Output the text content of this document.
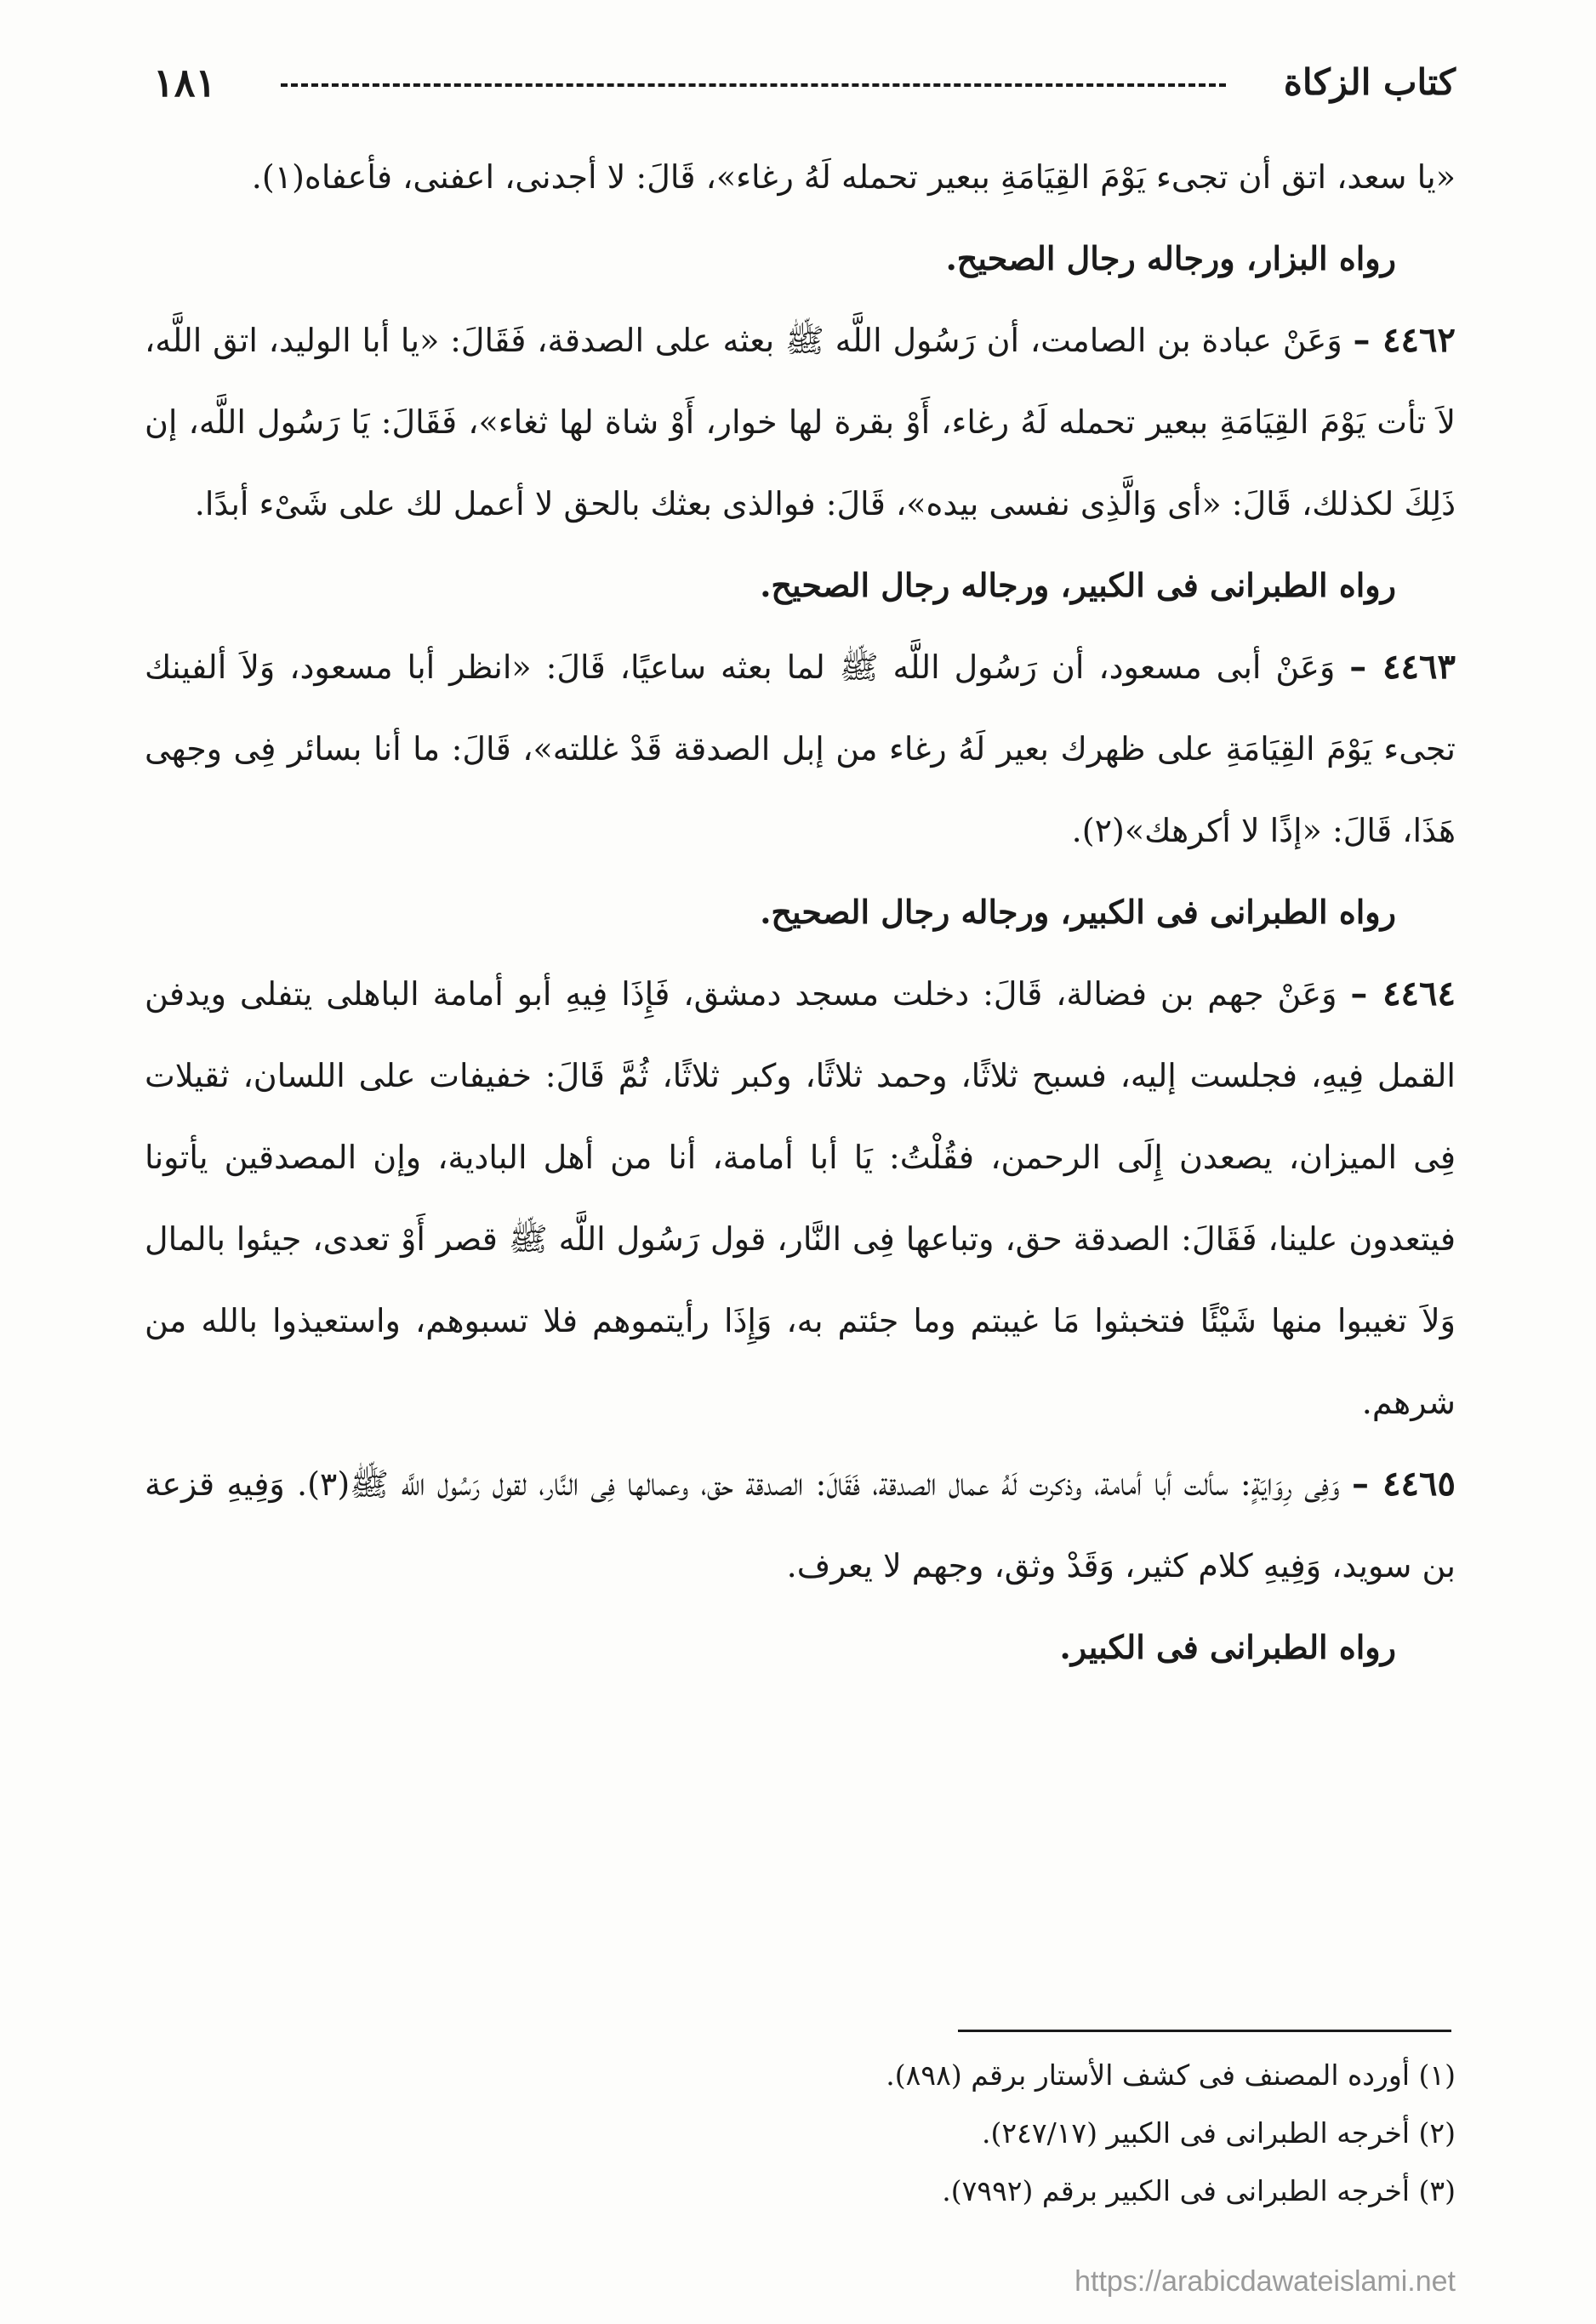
كتاب الزكاة
١٨١

«يا سعد، اتق أن تجىء يَوْمَ القِيَامَةِ ببعير تحمله لَهُ رغاء»، قَالَ: لا أجدنى، اعفنى، فأعفاه(١).

رواه البزار، ورجاله رجال الصحيح.

٤٤٦٢ – وَعَنْ عبادة بن الصامت، أن رَسُول اللَّه ﷺ بعثه على الصدقة، فَقَالَ: «يا أبا الوليد، اتق اللَّه، لاَ تأت يَوْمَ القِيَامَةِ ببعير تحمله لَهُ رغاء، أَوْ بقرة لها خوار، أَوْ شاة لها ثغاء»، فَقَالَ: يَا رَسُول اللَّه، إن ذَلِكَ لكذلك، قَالَ: «أى وَالَّذِى نفسى بيده»، قَالَ: فوالذى بعثك بالحق لا أعمل لك على شَىْء أبدًا.

رواه الطبرانى فى الكبير، ورجاله رجال الصحيح.

٤٤٦٣ – وَعَنْ أبى مسعود، أن رَسُول اللَّه ﷺ لما بعثه ساعيًا، قَالَ: «انظر أبا مسعود، وَلاَ ألفينك تجىء يَوْمَ القِيَامَةِ على ظهرك بعير لَهُ رغاء من إبل الصدقة قَدْ غللته»، قَالَ: ما أنا بسائر فِى وجهى هَذَا، قَالَ: «إذًا لا أكرهك»(٢).

رواه الطبرانى فى الكبير، ورجاله رجال الصحيح.

٤٤٦٤ – وَعَنْ جهم بن فضالة، قَالَ: دخلت مسجد دمشق، فَإِذَا فِيهِ أبو أمامة الباهلى يتفلى ويدفن القمل فِيهِ، فجلست إليه، فسبح ثلاثًا، وحمد ثلاثًا، وكبر ثلاثًا، ثُمَّ قَالَ: خفيفات على اللسان، ثقيلات فِى الميزان، يصعدن إِلَى الرحمن، فقُلْتُ: يَا أبا أمامة، أنا من أهل البادية، وإن المصدقين يأتونا فيتعدون علينا، فَقَالَ: الصدقة حق، وتباعها فِى النَّار، قول رَسُول اللَّه ﷺ قصر أَوْ تعدى، جيئوا بالمال وَلاَ تغيبوا منها شَيْئًا فتخبثوا مَا غيبتم وما جئتم به، وَإِذَا رأيتموهم فلا تسبوهم، واستعيذوا بالله من شرهم.

٤٤٦٥ – وَفِى رِوَايَةٍ: سألت أبا أمامة، وذكرت لَهُ عمال الصدقة، فَقَالَ: الصدقة حق، وعمالها فِى النَّار، لقول رَسُول اللَّه ﷺ(٣). وَفِيهِ قزعة بن سويد، وَفِيهِ كلام كثير، وَقَدْ وثق، وجهم لا يعرف.

رواه الطبرانى فى الكبير.

(١) أورده المصنف فى كشف الأستار برقم (٨٩٨).

(٢) أخرجه الطبرانى فى الكبير (٢٤٧/١٧).

(٣) أخرجه الطبرانى فى الكبير برقم (٧٩٩٢).

https://arabicdawateislami.net
